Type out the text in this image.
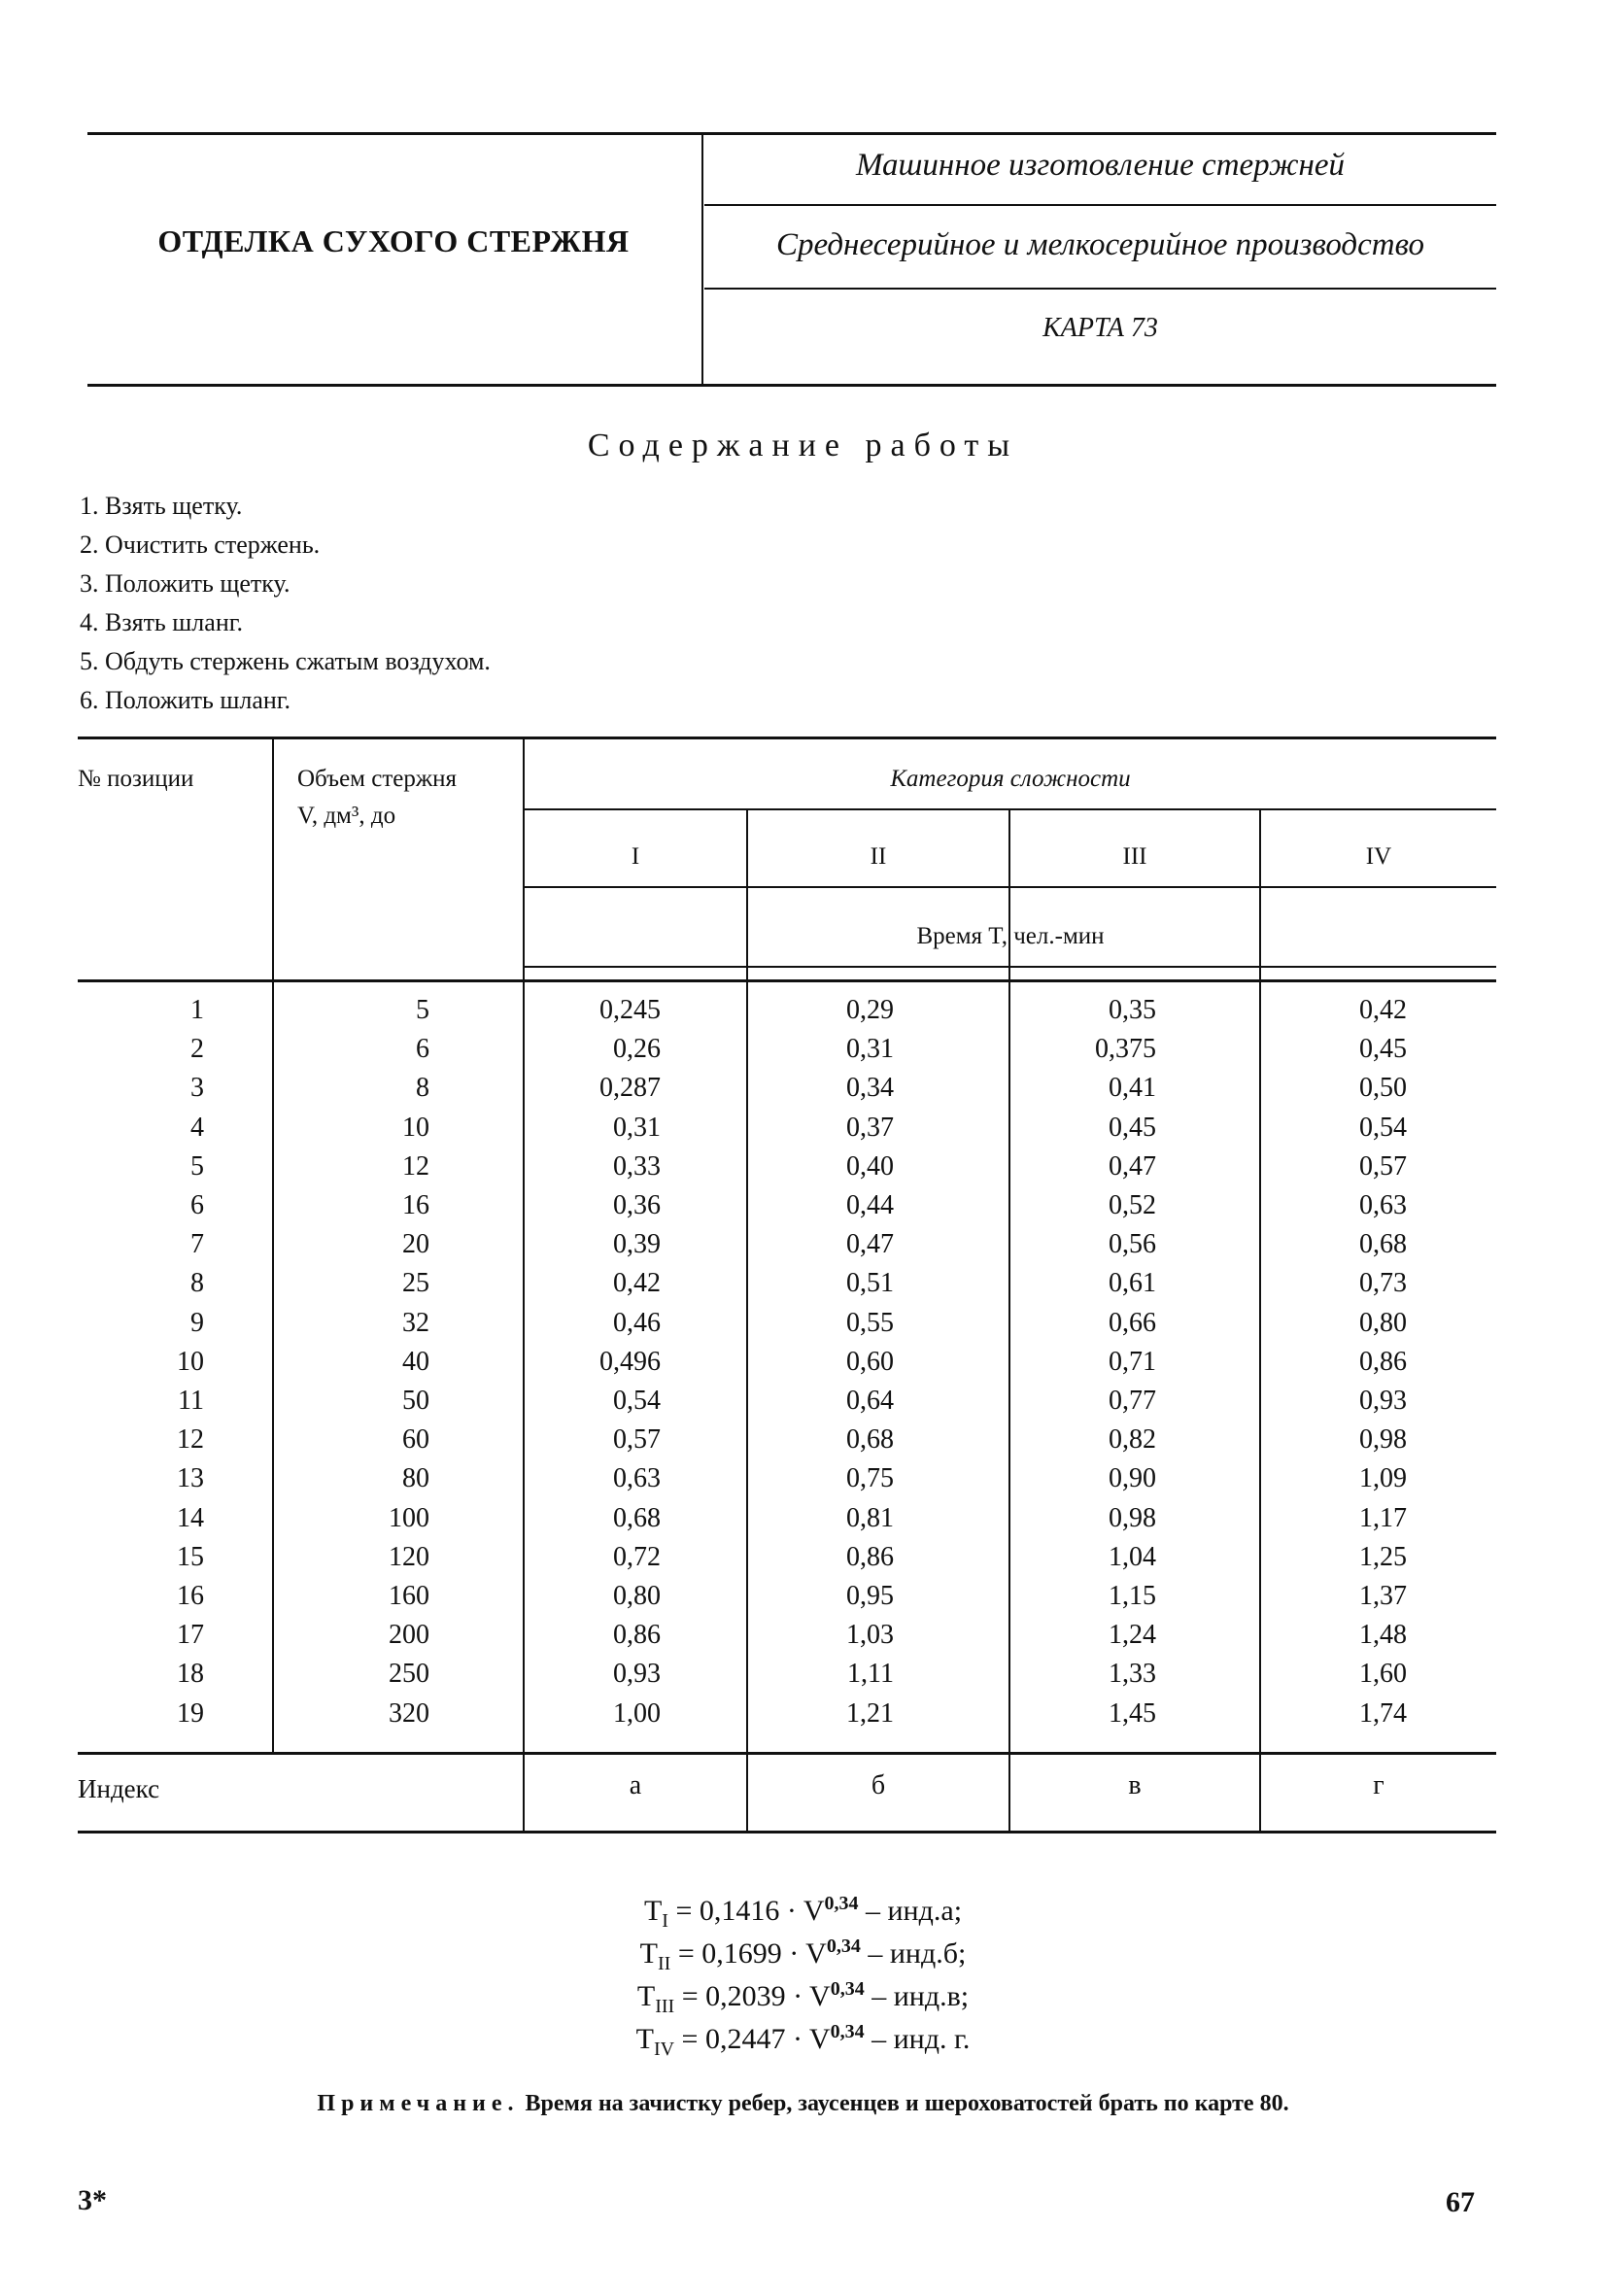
ОТДЕЛКА СУХОГО СТЕРЖНЯ
Машинное изготовление стержней
Среднесерийное и мелкосерийное производство
КАРТА 73
Содержание работы
1. Взять щетку.
2. Очистить стержень.
3. Положить щетку.
4. Взять шланг.
5. Обдуть стержень сжатым воздухом.
6. Положить шланг.
№ позиции	Объем стержня
V, дм³, до
Категория сложности
I	II	III	IV
Время T, чел.-мин
1	5	0,245	0,29	0,35	0,42
2	6	0,26	0,31	0,375	0,45
3	8	0,287	0,34	0,41	0,50
4	10	0,31	0,37	0,45	0,54
5	12	0,33	0,40	0,47	0,57
6	16	0,36	0,44	0,52	0,63
7	20	0,39	0,47	0,56	0,68
8	25	0,42	0,51	0,61	0,73
9	32	0,46	0,55	0,66	0,80
10	40	0,496	0,60	0,71	0,86
11	50	0,54	0,64	0,77	0,93
12	60	0,57	0,68	0,82	0,98
13	80	0,63	0,75	0,90	1,09
14	100	0,68	0,81	0,98	1,17
15	120	0,72	0,86	1,04	1,25
16	160	0,80	0,95	1,15	1,37
17	200	0,86	1,03	1,24	1,48
18	250	0,93	1,11	1,33	1,60
19	320	1,00	1,21	1,45	1,74
Индекс	а	б	в	г
$T_I = 0,1416 \cdot V^{0,34} - инд.а$;
$T_{II} = 0,1699 \cdot V^{0,34} - инд.б$;
$T_{III} = 0,2039 \cdot V^{0,34} - инд.в$;
$T_{IV} = 0,2447 \cdot V^{0,34}$ – инд. г.
Примечание. Время на зачистку ребер, заусенцев и шероховатостей брать по карте 80.
3*	67
